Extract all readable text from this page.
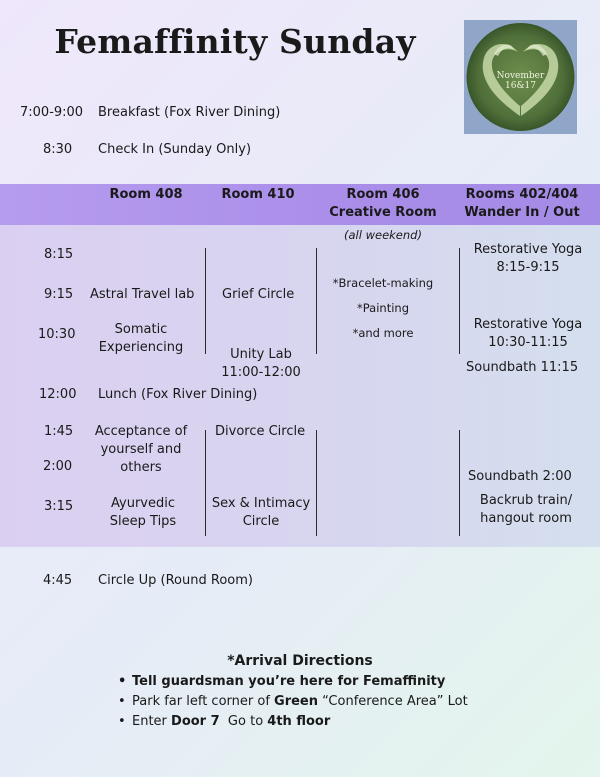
Femaffinity Sunday
November
16&17
7:00-9:00 Breakfast (Fox River Dining)
8:30 Check In (Sunday Only)
Room 408	Room 410	Room 406
Creative Room
Rooms 402/404
Wander In / Out
(all weekend)
8:15
9:15
10:30
12:00
1:45
2:00
3:15
4:45
Astral Travel lab
Somatic Experiencing
Acceptance of yourself and others
Ayurvedic Sleep Tips
Grief Circle
Unity Lab
11:00-12:00
Divorce Circle
Sex & Intimacy Circle
*Bracelet-making
*Painting
*and more
Restorative Yoga
8:15-9:15
Restorative Yoga
10:30-11:15
Soundbath 11:15
Soundbath 2:00
Backrub train/ hangout room
Lunch (Fox River Dining)
Circle Up (Round Room)
*Arrival Directions
• Tell guardsman you’re here for Femaffinity
• Park far left corner of Green “Conference Area” Lot
• Enter Door 7  Go to 4th floor
